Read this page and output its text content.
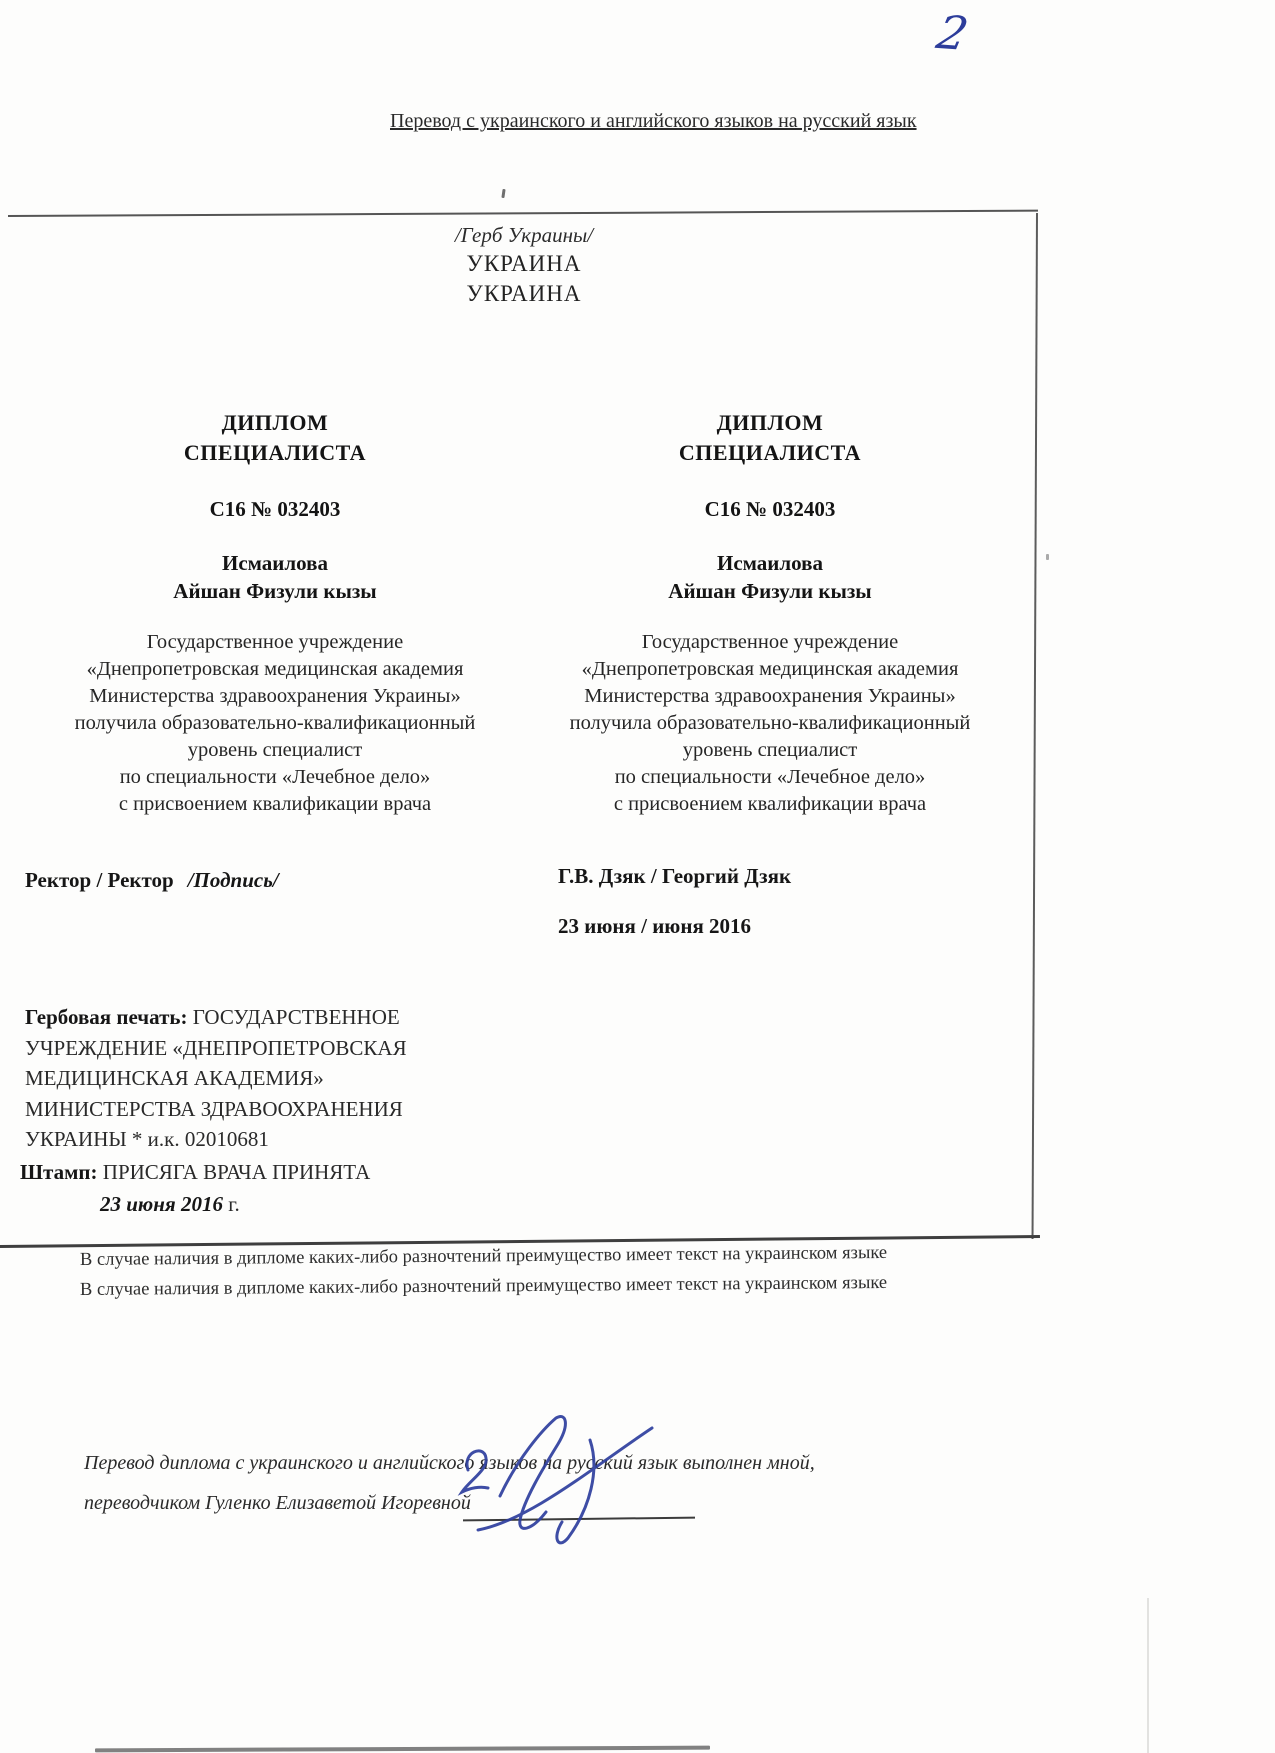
2
Перевод с украинского и английского языков на русский язык
/Герб Украины/
УКРАИНА
УКРАИНА
ДИПЛОМ
СПЕЦИАЛИСТА
С16 № 032403
Исмаилова
Айшан Физули кызы
Государственное учреждение
«Днепропетровская медицинская академия
Министерства здравоохранения Украины»
получила образовательно-квалификационный
уровень специалист
по специальности «Лечебное дело»
с присвоением квалификации врача
ДИПЛОМ
СПЕЦИАЛИСТА
С16 № 032403
Исмаилова
Айшан Физули кызы
Государственное учреждение
«Днепропетровская медицинская академия
Министерства здравоохранения Украины»
получила образовательно-квалификационный
уровень специалист
по специальности «Лечебное дело»
с присвоением квалификации врача
Ректор / Ректор /Подпись/	Г.В. Дзяк / Георгий Дзяк
23 июня / июня 2016
Гербовая печать: ГОСУДАРСТВЕННОЕ УЧРЕЖДЕНИЕ «ДНЕПРОПЕТРОВСКАЯ МЕДИЦИНСКАЯ АКАДЕМИЯ» МИНИСТЕРСТВА ЗДРАВООХРАНЕНИЯ УКРАИНЫ * и.к. 02010681
Штамп: ПРИСЯГА ВРАЧА ПРИНЯТА
23 июня 2016 г.
В случае наличия в дипломе каких-либо разночтений преимущество имеет текст на украинском языке
В случае наличия в дипломе каких-либо разночтений преимущество имеет текст на украинском языке
Перевод диплома с украинского и английского языков на русский язык выполнен мной,
переводчиком Гуленко Елизаветой Игоревной
